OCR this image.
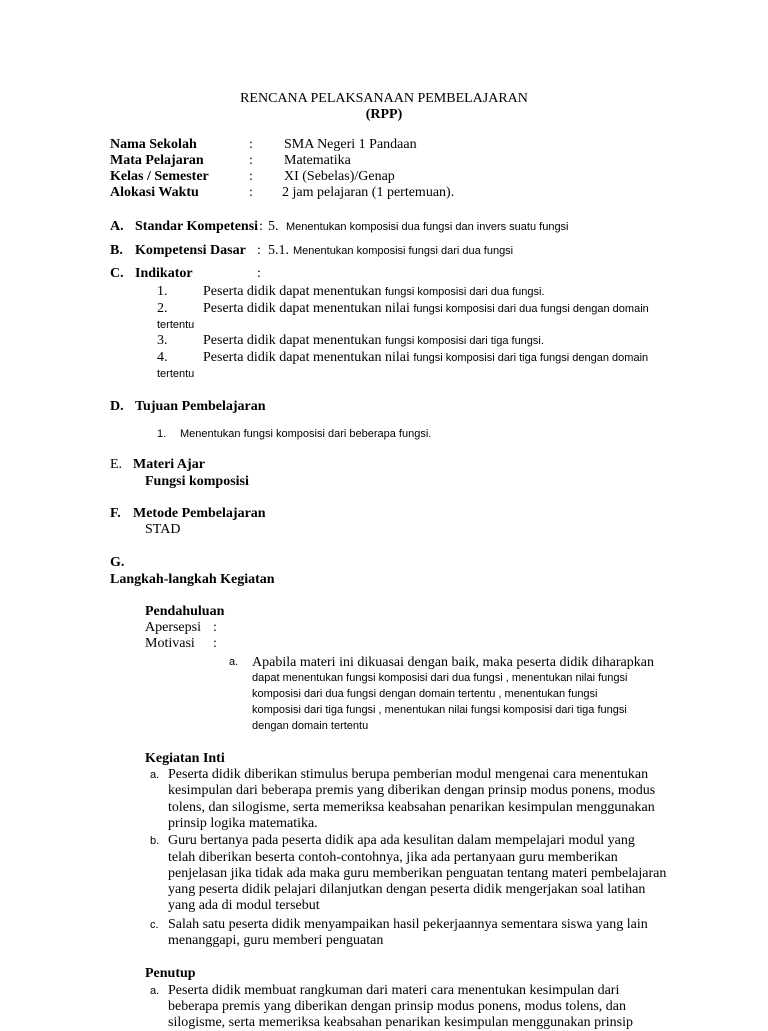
RENCANA PELAKSANAAN PEMBELAJARAN
(RPP)
Nama Sekolah	: SMA Negeri 1 Pandaan
Mata Pelajaran	: Matematika
Kelas / Semester	: XI (Sebelas)/Genap
Alokasi Waktu	: 2 jam pelajaran (1 pertemuan).
A. Standar Kompetensi : 5. Menentukan komposisi dua fungsi dan invers suatu fungsi
B. Kompetensi Dasar : 5.1. Menentukan komposisi fungsi dari dua fungsi
C. Indikator	:
1.	Peserta didik dapat menentukan fungsi komposisi dari dua fungsi.
2.	Peserta didik dapat menentukan nilai fungsi komposisi dari dua fungsi dengan domain
tertentu
3.	Peserta didik dapat menentukan fungsi komposisi dari tiga fungsi.
4.	Peserta didik dapat menentukan nilai fungsi komposisi dari tiga fungsi dengan domain
tertentu
D. Tujuan Pembelajaran
1. Menentukan fungsi komposisi dari beberapa fungsi.
E. Materi Ajar
Fungsi komposisi
F. Metode Pembelajaran
STAD
G.
Langkah-langkah Kegiatan
Pendahuluan
Apersepsi :
Motivasi :
a. Apabila materi ini dikuasai dengan baik, maka peserta didik diharapkan
dapat menentukan fungsi komposisi dari dua fungsi , menentukan nilai fungsi
komposisi dari dua fungsi dengan domain tertentu , menentukan fungsi
komposisi dari tiga fungsi , menentukan nilai fungsi komposisi dari tiga fungsi
dengan domain tertentu
Kegiatan Inti
a. Peserta didik diberikan stimulus berupa pemberian modul mengenai cara menentukan
kesimpulan dari beberapa premis yang diberikan dengan prinsip modus ponens, modus
tolens, dan silogisme, serta memeriksa keabsahan penarikan kesimpulan menggunakan
prinsip logika matematika.
b. Guru bertanya pada peserta didik apa ada kesulitan dalam mempelajari modul yang
telah diberikan beserta contoh-contohnya, jika ada pertanyaan guru memberikan
penjelasan jika tidak ada maka guru memberikan penguatan tentang materi pembelajaran
yang peserta didik pelajari dilanjutkan dengan peserta didik mengerjakan soal latihan
yang ada di modul tersebut
c. Salah satu peserta didik menyampaikan hasil pekerjaannya sementara siswa yang lain
menanggapi, guru memberi penguatan
Penutup
a. Peserta didik membuat rangkuman dari materi cara menentukan kesimpulan dari
beberapa premis yang diberikan dengan prinsip modus ponens, modus tolens, dan
silogisme, serta memeriksa keabsahan penarikan kesimpulan menggunakan prinsip
